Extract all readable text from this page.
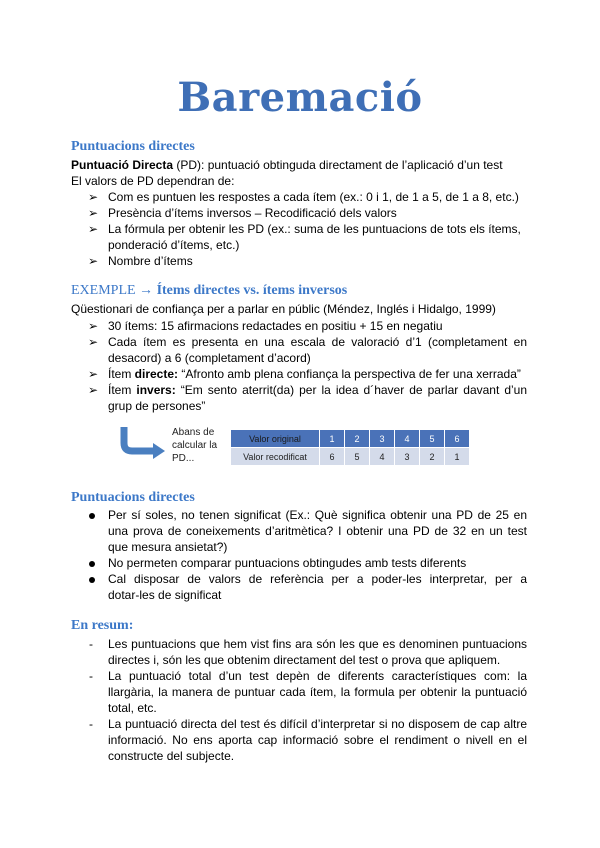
Baremació
Puntuacions directes
Puntuació Directa (PD): puntuació obtinguda directament de l’aplicació d’un test
El valors de PD dependran de:
➢ Com es puntuen les respostes a cada ítem (ex.: 0 i 1, de 1 a 5, de 1 a 8, etc.)
➢ Presència d’ítems inversos – Recodificació dels valors
➢ La fórmula per obtenir les PD (ex.: suma de les puntuacions de tots els ítems,
ponderació d’ítems, etc.)
➢ Nombre d’ítems
EXEMPLE → Ítems directes vs. ítems inversos
Qüestionari de confiança per a parlar en públic (Méndez, Inglés i Hidalgo, 1999)
➢ 30 ítems: 15 afirmacions redactades en positiu + 15 en negatiu
➢ Cada ítem es presenta en una escala de valoració d’1 (completament en
desacord) a 6 (completament d’acord)
➢ Ítem directe: “Afronto amb plena confiança la perspectiva de fer una xerrada”
➢ Ítem invers: “Em sento aterrit(da) per la idea d´haver de parlar davant d’un
grup de persones”
Abans de calcular la PD...
Valor original	1	2	3	4	5	6
Valor recodificat	6	5	4	3	2	1
Puntuacions directes
Per sí soles, no tenen significat (Ex.: Què significa obtenir una PD de 25 en
una prova de coneixements d’aritmètica? I obtenir una PD de 32 en un test
que mesura ansietat?)
No permeten comparar puntuacions obtingudes amb tests diferents
Cal disposar de valors de referència per a poder-les interpretar, per a
dotar-les de significat
En resum:
- Les puntuacions que hem vist fins ara són les que es denominen puntuacions
directes i, són les que obtenim directament del test o prova que apliquem.
- La puntuació total d’un test depèn de diferents característiques com: la
llargària, la manera de puntuar cada ítem, la formula per obtenir la puntuació
total, etc.
- La puntuació directa del test és difícil d’interpretar si no disposem de cap altre
informació. No ens aporta cap informació sobre el rendiment o nivell en el
constructe del subjecte.
